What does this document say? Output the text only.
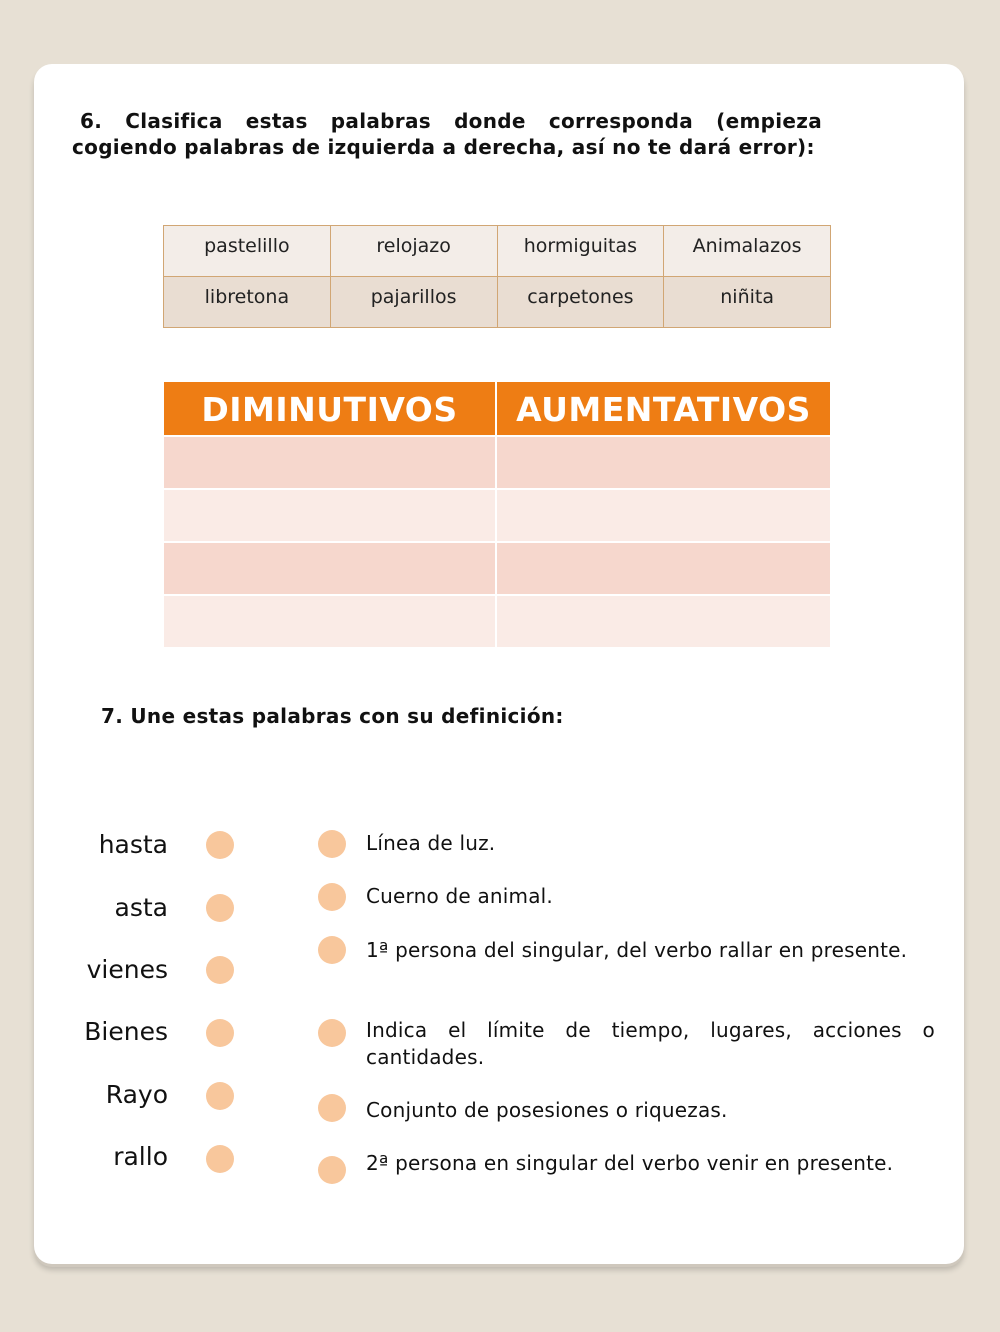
6. Clasifica estas palabras donde corresponda (empieza cogiendo palabras de izquierda a derecha, así no te dará error):
pastelillo	relojazo	hormiguitas	Animalazos
libretona	pajarillos	carpetones	niñita
DIMINUTIVOS	AUMENTATIVOS
7. Une estas palabras con su definición:
hasta
asta
vienes
Bienes
Rayo
rallo
Línea de luz.
Cuerno de animal.
1ª persona del singular, del verbo rallar en presente.
Indica el límite de tiempo, lugares, acciones o cantidades.
Conjunto de posesiones o riquezas.
2ª persona en singular del verbo venir en presente.
